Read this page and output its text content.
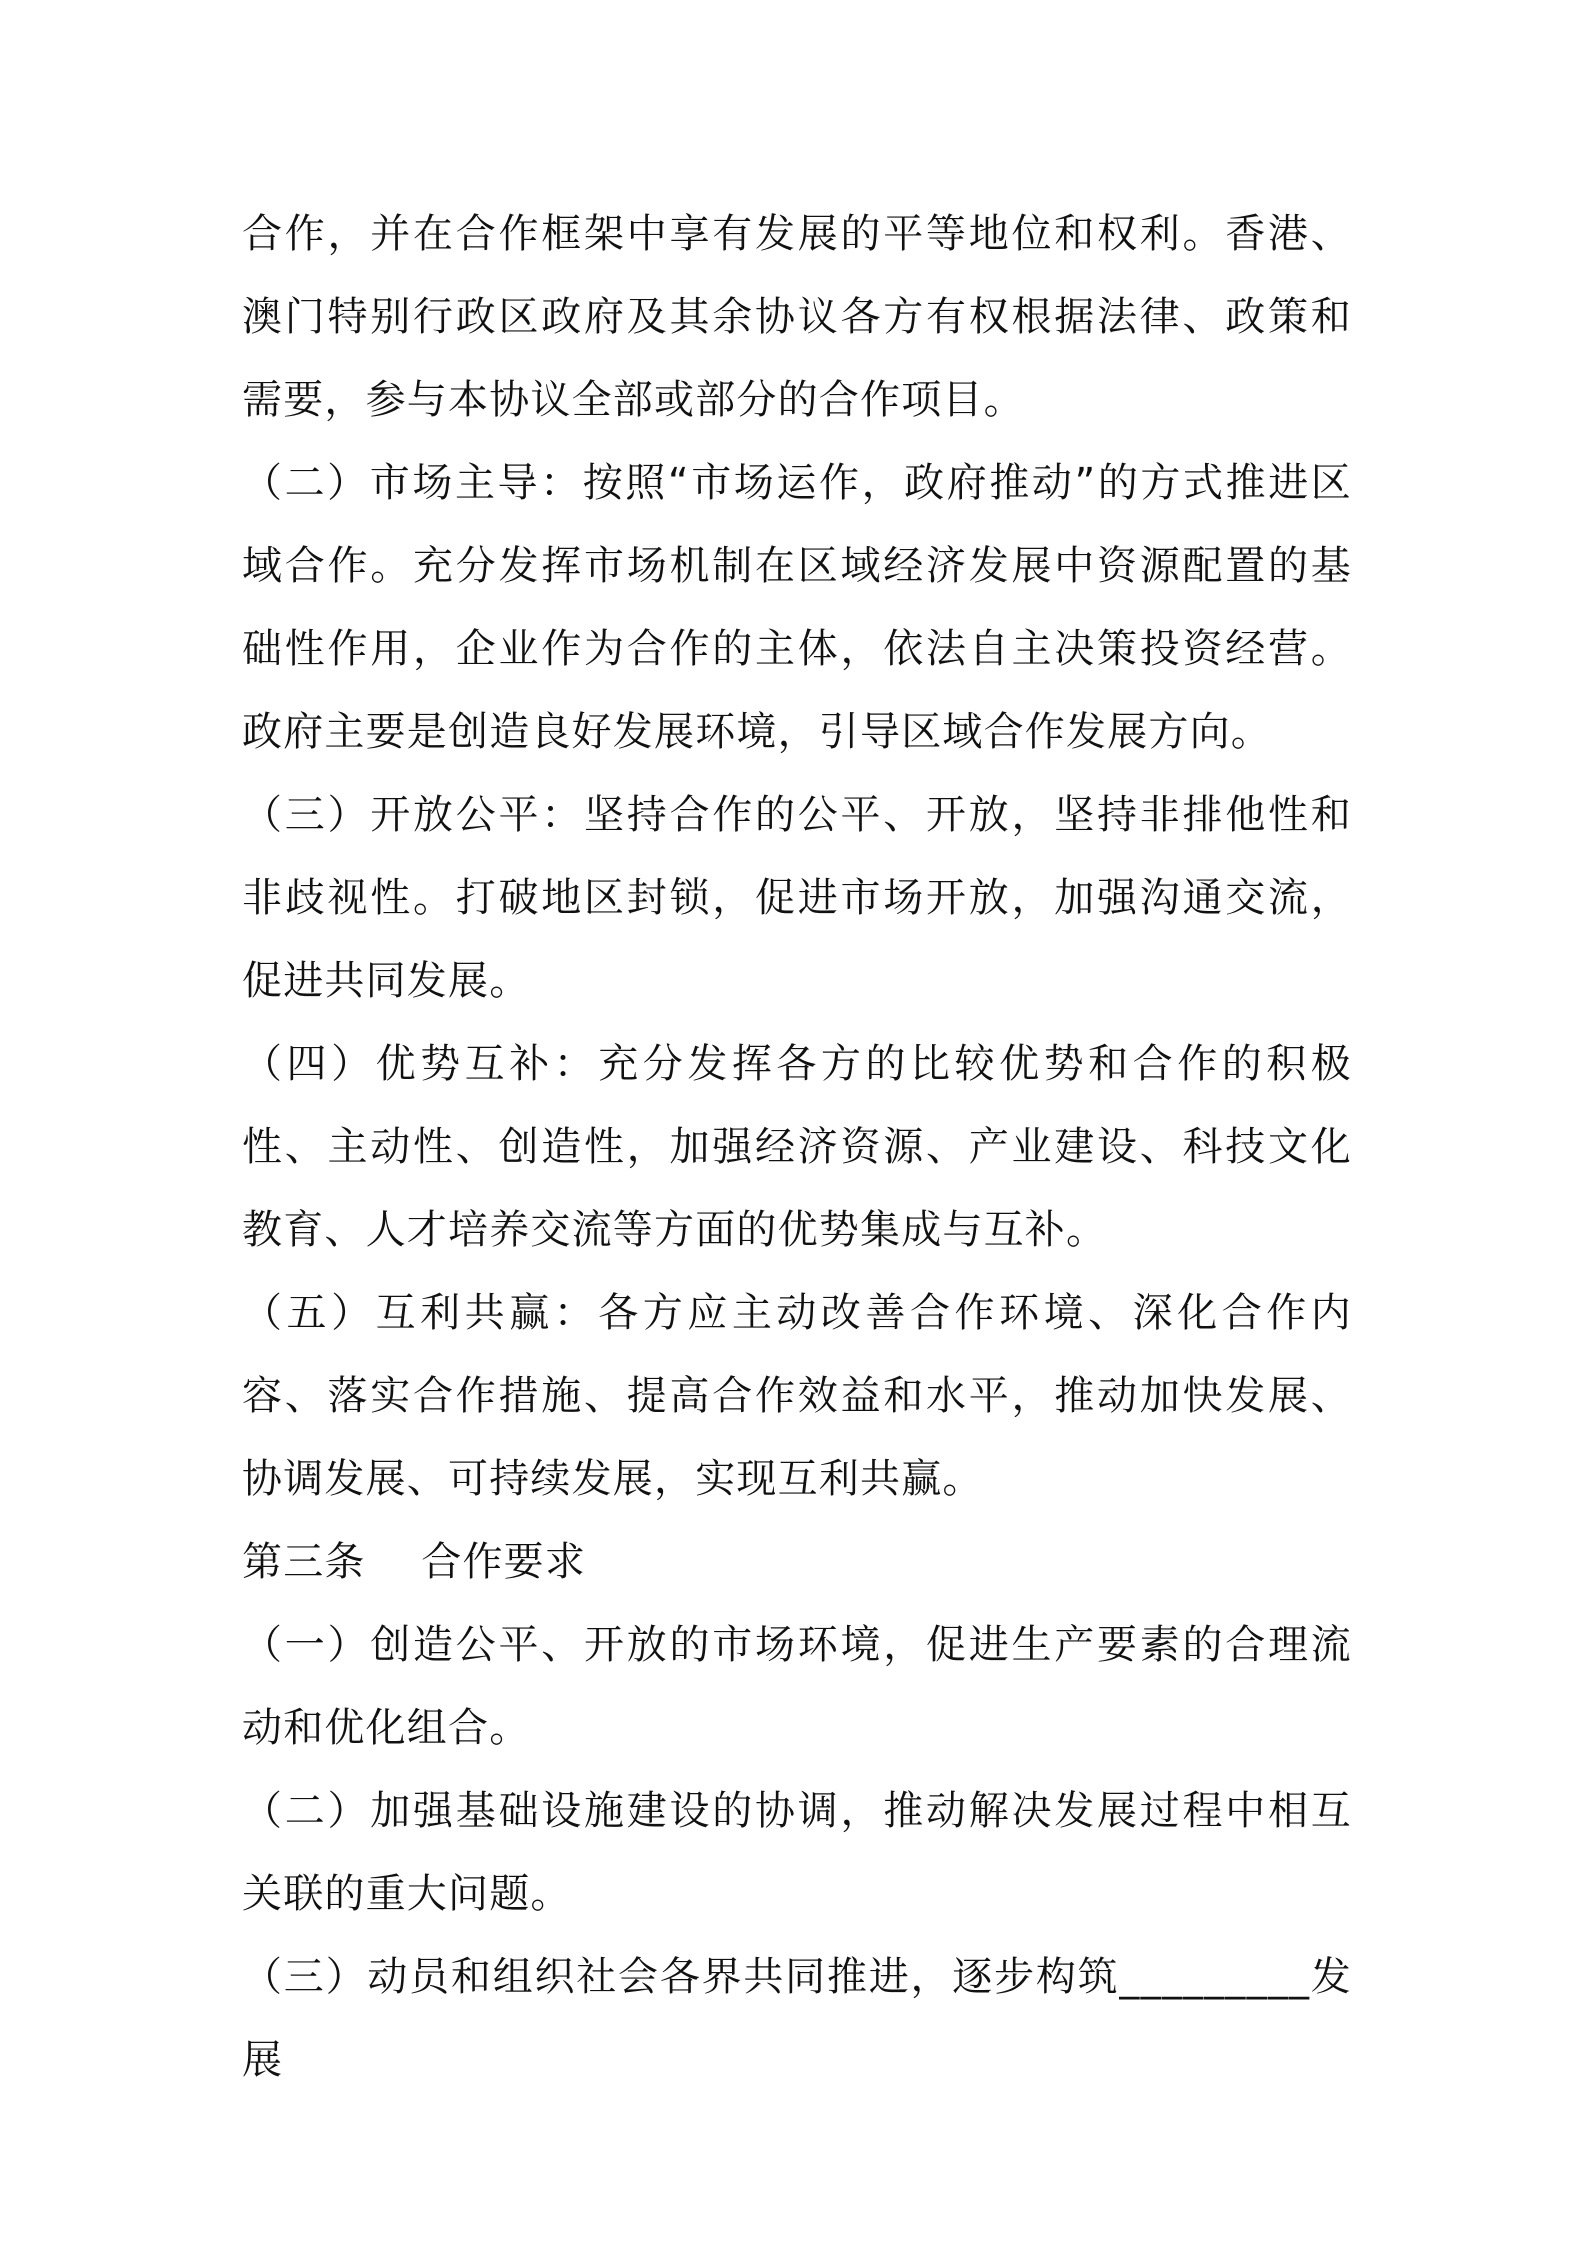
合作，并在合作框架中享有发展的平等地位和权利。香港、澳门特别行政区政府及其余协议各方有权根据法律、政策和需要，参与本协议全部或部分的合作项目。

（二）市场主导：按照“市场运作，政府推动”的方式推进区域合作。充分发挥市场机制在区域经济发展中资源配置的基础性作用，企业作为合作的主体，依法自主决策投资经营。政府主要是创造良好发展环境，引导区域合作发展方向。

（三）开放公平：坚持合作的公平、开放，坚持非排他性和非歧视性。打破地区封锁，促进市场开放，加强沟通交流，促进共同发展。

（四）优势互补：充分发挥各方的比较优势和合作的积极性、主动性、创造性，加强经济资源、产业建设、科技文化教育、人才培养交流等方面的优势集成与互补。

（五）互利共赢：各方应主动改善合作环境、深化合作内容、落实合作措施、提高合作效益和水平，推动加快发展、协调发展、可持续发展，实现互利共赢。

第三条    合作要求

（一）创造公平、开放的市场环境，促进生产要素的合理流动和优化组合。

（二）加强基础设施建设的协调，推动解决发展过程中相互关联的重大问题。

（三）动员和组织社会各界共同推进，逐步构筑_________发展
